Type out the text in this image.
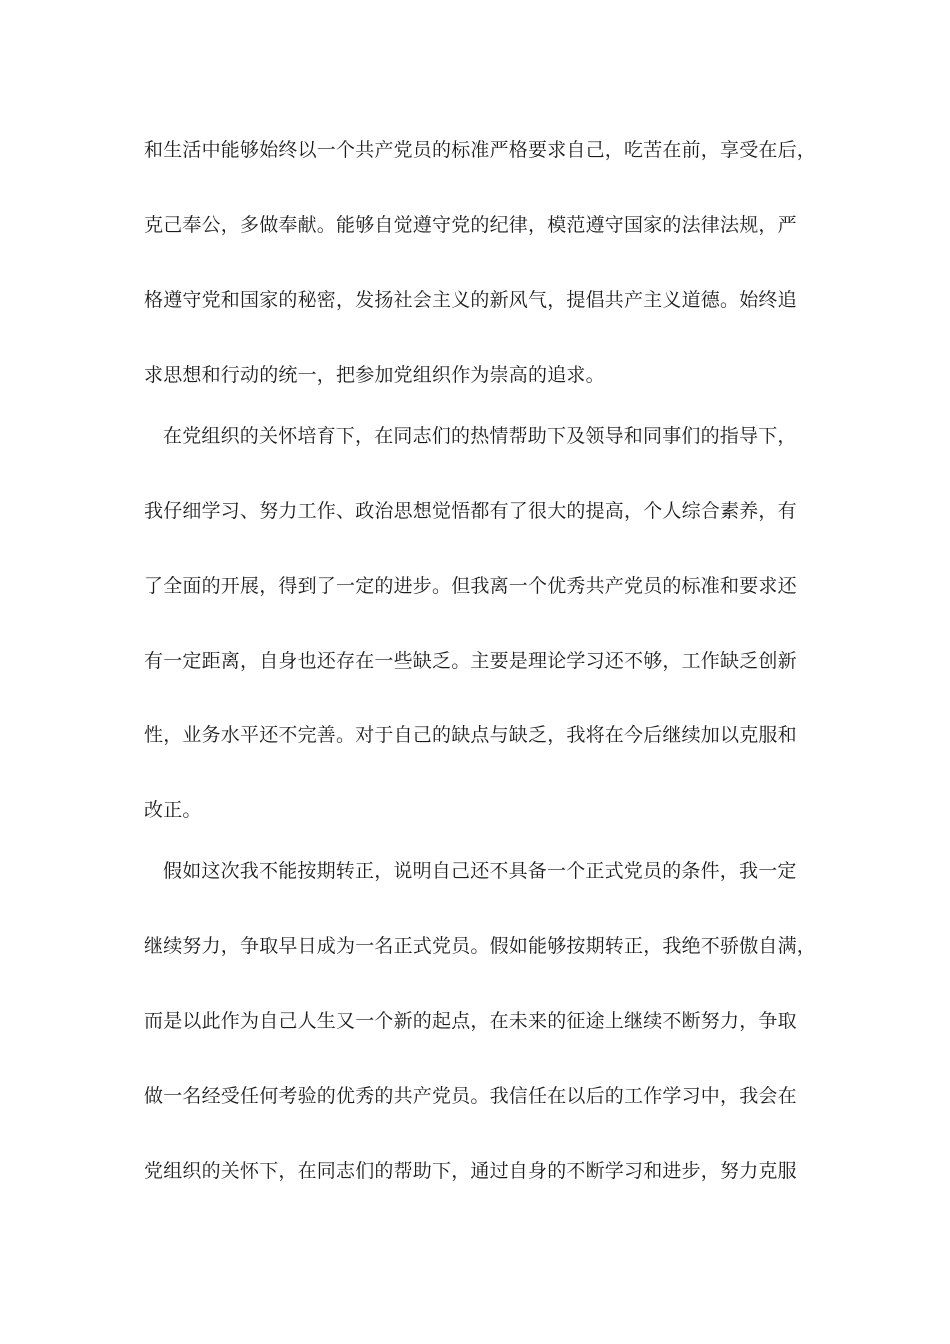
和生活中能够始终以一个共产党员的标准严格要求自己，吃苦在前，享受在后，
克己奉公，多做奉献。能够自觉遵守党的纪律，模范遵守国家的法律法规，严
格遵守党和国家的秘密，发扬社会主义的新风气，提倡共产主义道德。始终追
求思想和行动的统一，把参加党组织作为崇高的追求。
在党组织的关怀培育下，在同志们的热情帮助下及领导和同事们的指导下，
我仔细学习、努力工作、政治思想觉悟都有了很大的提高，个人综合素养，有
了全面的开展，得到了一定的进步。但我离一个优秀共产党员的标准和要求还
有一定距离，自身也还存在一些缺乏。主要是理论学习还不够，工作缺乏创新
性，业务水平还不完善。对于自己的缺点与缺乏，我将在今后继续加以克服和
改正。
假如这次我不能按期转正，说明自己还不具备一个正式党员的条件，我一定
继续努力，争取早日成为一名正式党员。假如能够按期转正，我绝不骄傲自满，
而是以此作为自己人生又一个新的起点，在未来的征途上继续不断努力，争取
做一名经受任何考验的优秀的共产党员。我信任在以后的工作学习中，我会在
党组织的关怀下，在同志们的帮助下，通过自身的不断学习和进步，努力克服
